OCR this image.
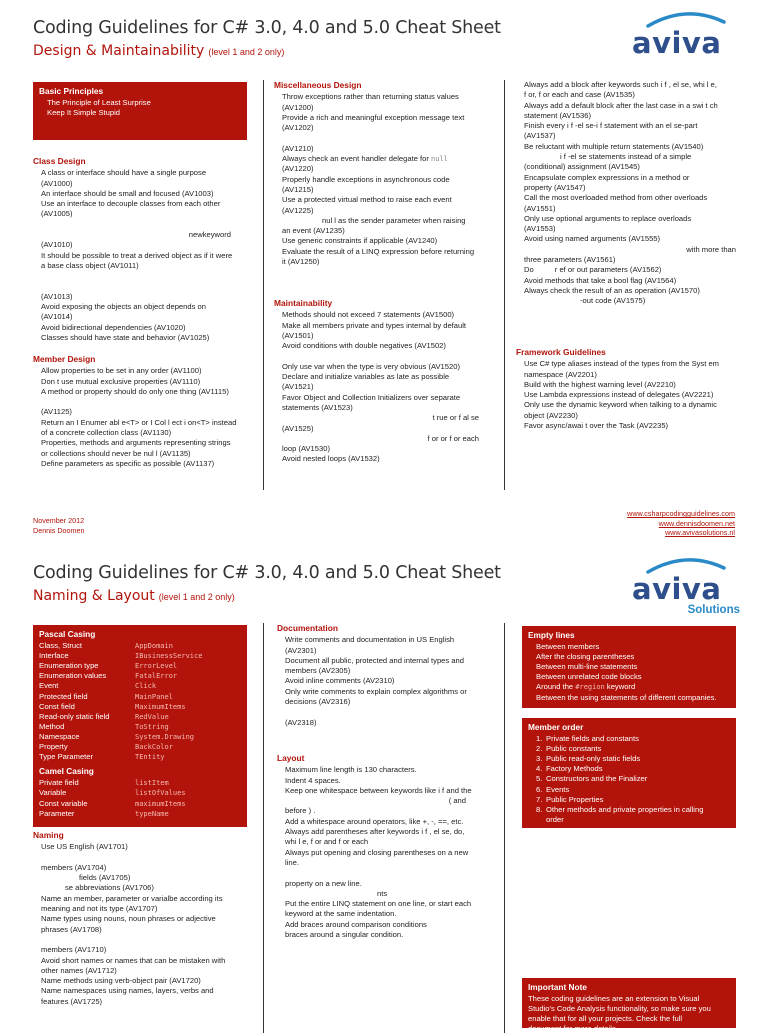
Coding Guidelines for C# 3.0, 4.0 and 5.0 Cheat Sheet
Design & Maintainability (level 1 and 2 only)	aviva
Basic Principles
The Principle of Least Surprise
Keep It Simple Stupid
Class Design
A class or interface should have a single purpose
(AV1000)
An interface should be small and focused (AV1003)
Use an interface to decouple classes from each other
(AV1005)
newkeyword
(AV1010)
It should be possible to treat a derived object as if it were
a base class object (AV1011)
(AV1013)
Avoid exposing the objects an object depends on
(AV1014)
Avoid bidirectional dependencies (AV1020)
Classes should have state and behavior (AV1025)
Member Design
Allow properties to be set in any order (AV1100)
Don t use mutual exclusive properties (AV1110)
A method or property should do only one thing (AV1115)
(AV1125)
Return an I Enumer abl e<T> or I Col l ect i on<T> instead
of a concrete collection class (AV1130)
Properties, methods and arguments representing strings
or collections should never be nul l (AV1135)
Define parameters as specific as possible (AV1137)
Miscellaneous Design
Throw exceptions rather than returning status values
(AV1200)
Provide a rich and meaningful exception message text
(AV1202)
(AV1210)
Always check an event handler delegate for null
(AV1220)
Properly handle exceptions in asynchronous code
(AV1215)
Use a protected virtual method to raise each event
(AV1225)
nul l as the sender parameter when raising
an event (AV1235)
Use generic constraints if applicable (AV1240)
Evaluate the result of a LINQ expression before returning
it (AV1250)
Maintainability
Methods should not exceed 7 statements (AV1500)
Make all members private and types internal by default
(AV1501)
Avoid conditions with double negatives (AV1502)
Only use var when the type is very obvious (AV1520)
Declare and initialize variables as late as possible
(AV1521)
Favor Object and Collection Initializers over separate
statements (AV1523)
t rue or f al se
(AV1525)
f or or f or each
loop (AV1530)
Avoid nested loops (AV1532)
Always add a block after keywords such i f , el se, whi l e,
f or, f or each and case (AV1535)
Always add a default block after the last case in a swi t ch
statement (AV1536)
Finish every i f -el se-i f statement with an el se-part
(AV1537)
Be reluctant with multiple return statements (AV1540)
i f -el se statements instead of a simple
(conditional) assignment (AV1545)
Encapsulate complex expressions in a method or
property (AV1547)
Call the most overloaded method from other overloads
(AV1551)
Only use optional arguments to replace overloads
(AV1553)
Avoid using named arguments (AV1555)
with more than
three parameters (AV1561)
Do          r ef or out parameters (AV1562)
Avoid methods that take a bool flag (AV1564)
Always check the result of an as operation (AV1570)
-out code (AV1575)
Framework Guidelines
Use C# type aliases instead of the types from the Syst em
namespace (AV2201)
Build with the highest warning level (AV2210)
Use Lambda expressions instead of delegates (AV2221)
Only use the dynamic keyword when talking to a dynamic
object (AV2230)
Favor async/awai t over the Task (AV2235)
November 2012
Dennis Doomen
www.csharpcodingguidelines.com
www.dennisdoomen.net
www.avivasolutions.nl
Coding Guidelines for C# 3.0, 4.0 and 5.0 Cheat Sheet
Naming & Layout (level 1 and 2 only)	aviva
Solutions
Pascal Casing
Class, Struct	AppDomain
Interface	IBusinessService
Enumeration type	ErrorLevel
Enumeration values	FatalError
Event	Click
Protected field	MainPanel
Const field	MaximumItems
Read-only static field	RedValue
Method	ToString
Namespace	System.Drawing
Property	BackColor
Type Parameter	TEntity
Camel Casing
Private field	listItem
Variable	listOfValues
Const variable	maximumItems
Parameter	typeName
Naming
Use US English (AV1701)
members (AV1704)
fields (AV1705)
se abbreviations (AV1706)
Name an member, parameter or varialbe according its
meaning and not its type (AV1707)
Name types using nouns, noun phrases or adjective
phrases (AV1708)
members (AV1710)
Avoid short names or names that can be mistaken with
other names (AV1712)
Name methods using verb-object pair (AV1720)
Name namespaces using names, layers, verbs and
features (AV1725)
Documentation
Write comments and documentation in US English
(AV2301)
Document all public, protected and internal types and
members (AV2305)
Avoid inline comments (AV2310)
Only write comments to explain complex algorithms or
decisions (AV2316)
(AV2318)
Layout
Maximum line length is 130 characters.
Indent 4 spaces.
Keep one whitespace between keywords like i f and the
( and
before ) .
Add a whitespace around operators, like +, -, ==, etc.
Always add parentheses after keywords i f , el se, do,
whi l e, f or and f or each
Always put opening and closing parentheses on a new
line.
property on a new line.
nts
Put the entire LINQ statement on one line, or start each
keyword at the same indentation.
Add braces around comparison conditions
braces around a singular condition.
Empty lines
Between members
After the closing parentheses
Between multi-line statements
Between unrelated code blocks
Around the #region keyword
Between the using statements of different companies.
Member order
1. Private fields and constants
2. Public constants
3. Public read-only static fields
4. Factory Methods
5. Constructors and the Finalizer
6. Events
7. Public Properties
8. Other methods and private properties in calling
order
Important Note
These coding guidelines are an extension to Visual
Studio's Code Analysis functionality, so make sure you
enable that for all your projects. Check the full
document for more details.
